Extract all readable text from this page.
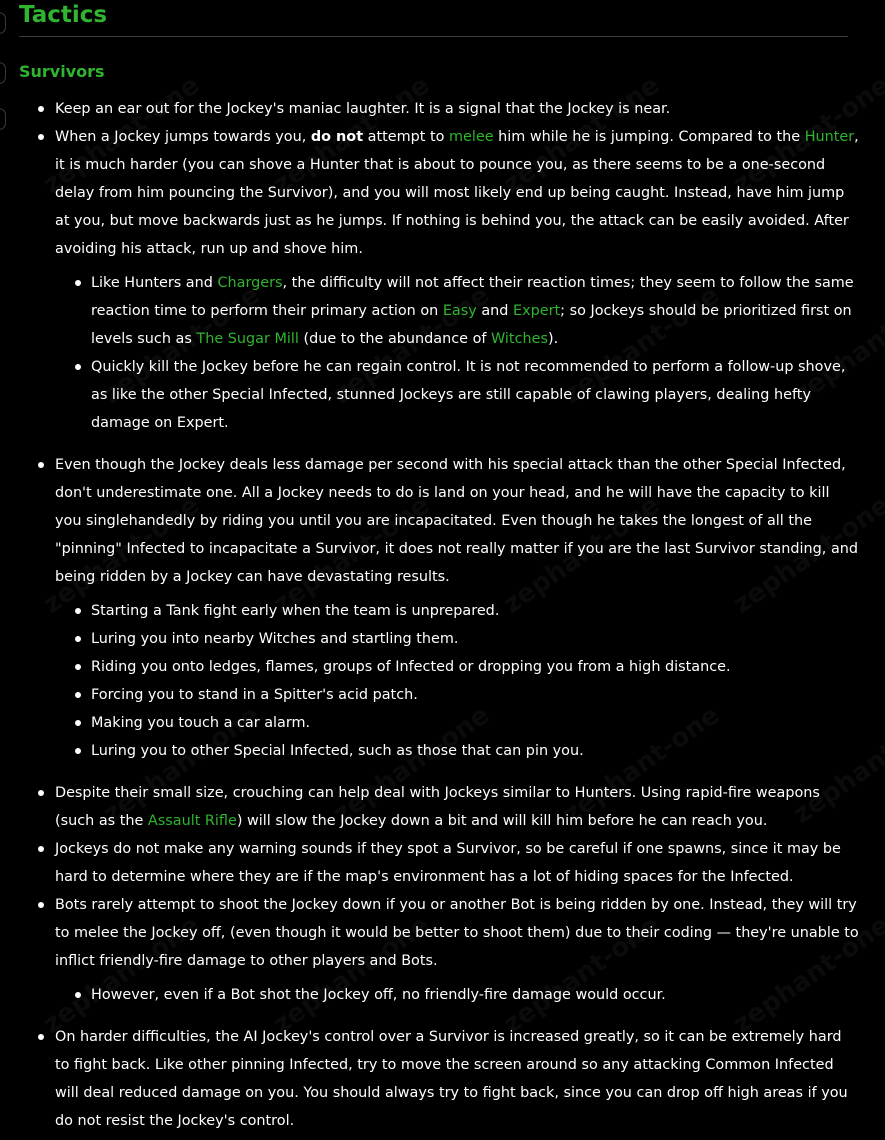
Tactics
Survivors
Keep an ear out for the Jockey's maniac laughter. It is a signal that the Jockey is near.
When a Jockey jumps towards you, do not attempt to melee him while he is jumping. Compared to the Hunter, it is much harder (you can shove a Hunter that is about to pounce you, as there seems to be a one-second delay from him pouncing the Survivor), and you will most likely end up being caught. Instead, have him jump at you, but move backwards just as he jumps. If nothing is behind you, the attack can be easily avoided. After avoiding his attack, run up and shove him.
Like Hunters and Chargers, the difficulty will not affect their reaction times; they seem to follow the same reaction time to perform their primary action on Easy and Expert; so Jockeys should be prioritized first on levels such as The Sugar Mill (due to the abundance of Witches).
Quickly kill the Jockey before he can regain control. It is not recommended to perform a follow-up shove, as like the other Special Infected, stunned Jockeys are still capable of clawing players, dealing hefty damage on Expert.
Even though the Jockey deals less damage per second with his special attack than the other Special Infected, don't underestimate one. All a Jockey needs to do is land on your head, and he will have the capacity to kill you singlehandedly by riding you until you are incapacitated. Even though he takes the longest of all the "pinning" Infected to incapacitate a Survivor, it does not really matter if you are the last Survivor standing, and being ridden by a Jockey can have devastating results.
Starting a Tank fight early when the team is unprepared.
Luring you into nearby Witches and startling them.
Riding you onto ledges, flames, groups of Infected or dropping you from a high distance.
Forcing you to stand in a Spitter's acid patch.
Making you touch a car alarm.
Luring you to other Special Infected, such as those that can pin you.
Despite their small size, crouching can help deal with Jockeys similar to Hunters. Using rapid-fire weapons (such as the Assault Rifle) will slow the Jockey down a bit and will kill him before he can reach you.
Jockeys do not make any warning sounds if they spot a Survivor, so be careful if one spawns, since it may be hard to determine where they are if the map's environment has a lot of hiding spaces for the Infected.
Bots rarely attempt to shoot the Jockey down if you or another Bot is being ridden by one. Instead, they will try to melee the Jockey off, (even though it would be better to shoot them) due to their coding — they're unable to inflict friendly-fire damage to other players and Bots.
However, even if a Bot shot the Jockey off, no friendly-fire damage would occur.
On harder difficulties, the AI Jockey's control over a Survivor is increased greatly, so it can be extremely hard to fight back. Like other pinning Infected, try to move the screen around so any attacking Common Infected will deal reduced damage on you. You should always try to fight back, since you can drop off high areas if you do not resist the Jockey's control.
